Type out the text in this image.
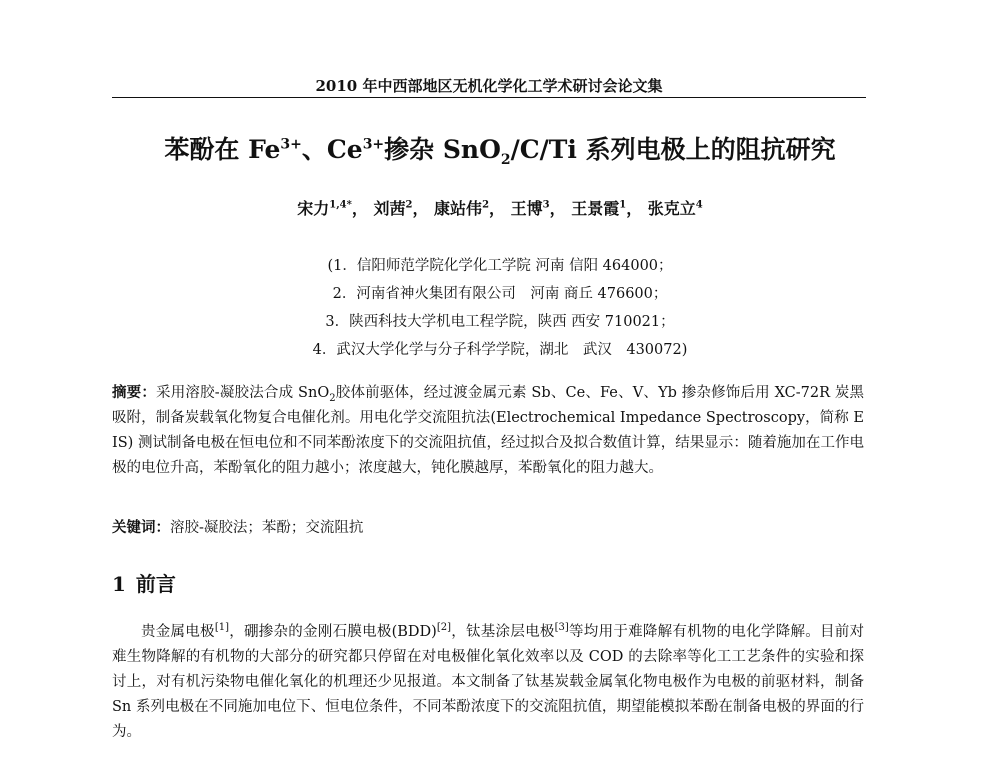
2010 年中西部地区无机化学化工学术研讨会论文集
苯酚在 $Fe^{3+}$、$Ce^{3+}$掺杂 SnO$_2$/C/Ti 系列电极上的阻抗研究
宋力$^{1,4*}$， 刘茜$^2$， 康站伟$^2$， 王博$^3$， 王景霞$^1$， 张克立$^4$
(1．信阳师范学院化学化工学院 河南 信阳 464000；
2．河南省神火集团有限公司　河南 商丘 476600；
3．陕西科技大学机电工程学院，陕西 西安 710021；
4．武汉大学化学与分子科学学院，湖北　武汉　430072)
摘要：采用溶胶-凝胶法合成 SnO$_2$胶体前驱体，经过渡金属元素 Sb、Ce、Fe、V、Yb 掺杂修饰后用 XC-72R 炭黑吸附，制备炭载氧化物复合电催化剂。用电化学交流阻抗法(Electrochemical Impedance Spectroscopy，简称 EIS) 测试制备电极在恒电位和不同苯酚浓度下的交流阻抗值，经过拟合及拟合数值计算，结果显示：随着施加在工作电极的电位升高，苯酚氧化的阻力越小；浓度越大，钝化膜越厚，苯酚氧化的阻力越大。
关键词：溶胶-凝胶法；苯酚；交流阻抗
1 前言
贵金属电极[1]，硼掺杂的金刚石膜电极(BDD)[2]，钛基涂层电极[3]等均用于难降解有机物的电化学降解。目前对难生物降解的有机物的大部分的研究都只停留在对电极催化氧化效率以及 COD 的去除率等化工工艺条件的实验和探讨上，对有机污染物电催化氧化的机理还少见报道。本文制备了钛基炭载金属氧化物电极作为电极的前驱材料，制备 Sn 系列电极在不同施加电位下、恒电位条件，不同苯酚浓度下的交流阻抗值，期望能模拟苯酚在制备电极的界面的行为。
